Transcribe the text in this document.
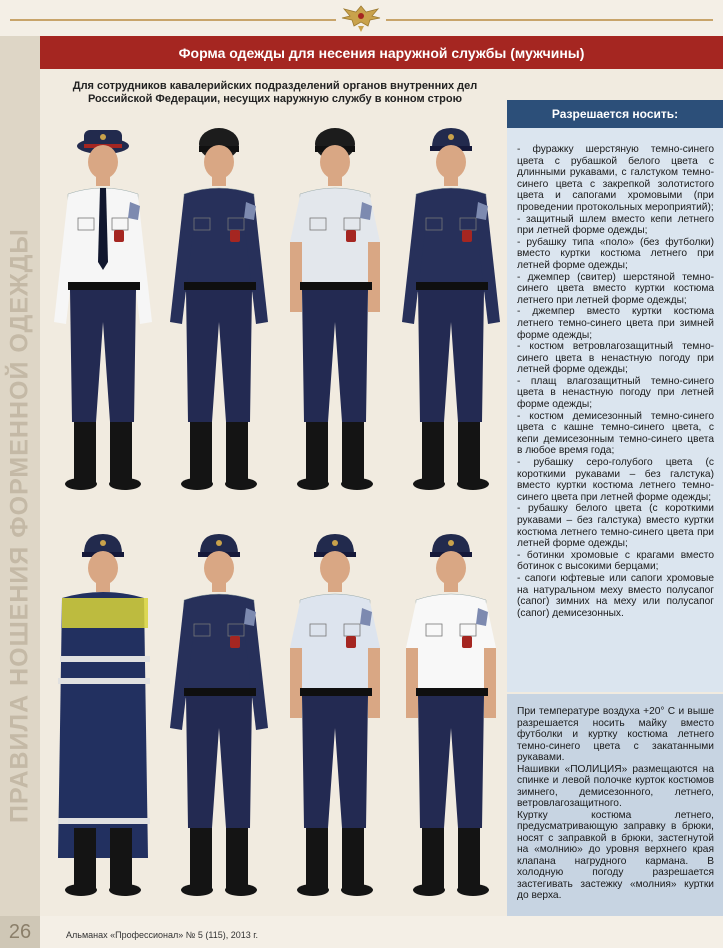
ПРАВИЛА НОШЕНИЯ ФОРМЕННОЙ ОДЕЖДЫ
Форма одежды для несения наружной службы (мужчины)
Для сотрудников кавалерийских подразделений органов внутренних дел
Российской Федерации, несущих наружную службу в конном строю
Разрешается носить:

- фуражку шерстяную темно-синего цвета с рубашкой белого цвета с длинными рукавами, с галстуком темно-синего цвета с закрепкой золотистого цвета и сапогами хромовыми (при проведении протокольных мероприятий);

- защитный шлем вместо кепи летнего при летней форме одежды;

- рубашку типа «поло» (без футболки) вместо куртки костюма летнего при летней форме одежды;

- джемпер (свитер) шерстяной темно-синего цвета вместо куртки костюма летнего при летней форме одежды;

- джемпер вместо куртки костюма летнего темно-синего цвета при зимней форме одежды;

- костюм ветровлагозащитный темно-синего цвета в ненастную погоду при летней форме одежды;

- плащ влагозащитный темно-синего цвета в ненастную погоду при летней форме одежды;

- костюм демисезонный темно-синего цвета с кашне темно-синего цвета, с кепи демисезонным темно-синего цвета в любое время года;

- рубашку серо-голубого цвета (с короткими рукавами – без галстука) вместо куртки костюма летнего темно-синего цвета при летней форме одежды;

- рубашку белого цвета (с короткими рукавами – без галстука) вместо куртки костюма летнего темно-синего цвета при летней форме одежды;

- ботинки хромовые с крагами вместо ботинок с высокими берцами;

- сапоги юфтевые или сапоги хромовые на натуральном меху вместо полусапог (сапог) зимних на меху или полусапог (сапог) демисезонных.

При температуре воздуха +20° С и выше разрешается носить майку вместо футболки и куртку костюма летнего темно-синего цвета с закатанными рукавами.

Нашивки «ПОЛИЦИЯ» размещаются на спинке и левой полочке курток костюмов зимнего, демисезонного, летнего, ветровлагозащитного.

Куртку костюма летнего, предусматривающую заправку в брюки, носят с заправкой в брюки, застегнутой на «молнию» до уровня верхнего края клапана нагрудного кармана. В холодную погоду разрешается застегивать застежку «молния» куртки до верха.

26	Альманах «Профессионал» № 5 (115), 2013 г.
